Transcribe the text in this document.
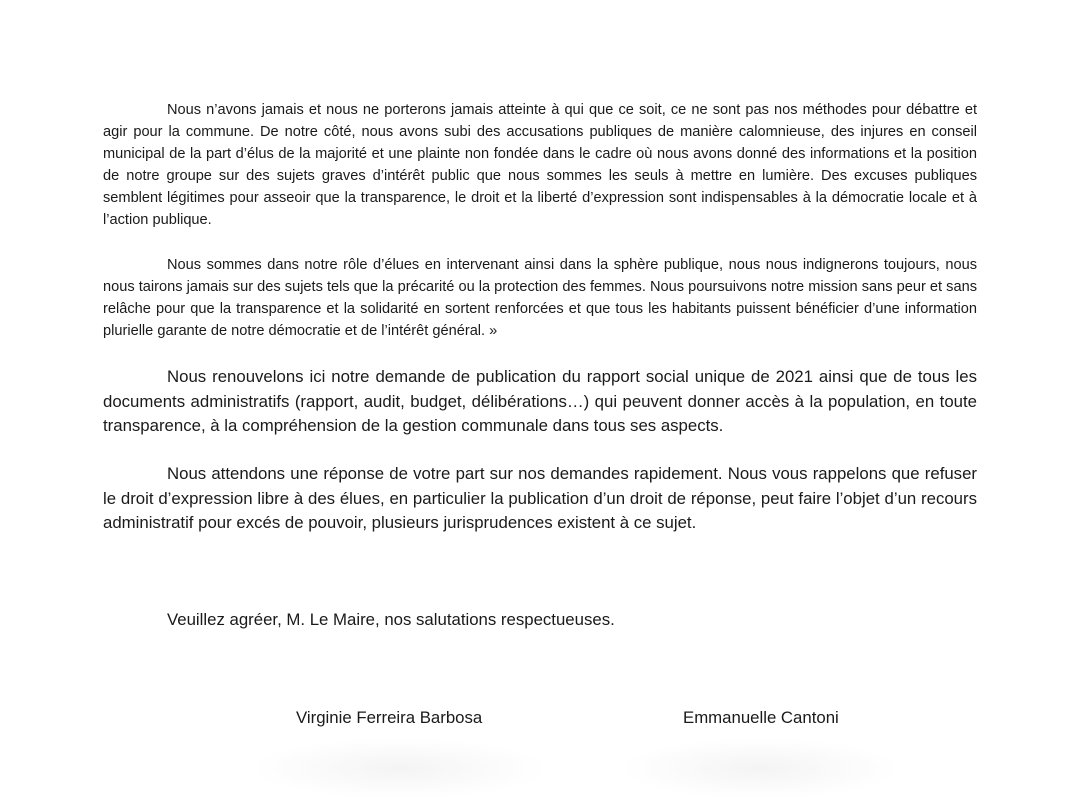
Nous n’avons jamais et nous ne porterons jamais atteinte à qui que ce soit, ce ne sont pas nos méthodes pour débattre et agir pour la commune. De notre côté, nous avons subi des accusations publiques de manière calomnieuse, des injures en conseil municipal de la part d’élus de la majorité et une plainte non fondée dans le cadre où nous avons donné des informations et la position de notre groupe sur des sujets graves d’intérêt public que nous sommes les seuls à mettre en lumière. Des excuses publiques semblent légitimes pour asseoir que la transparence, le droit et la liberté d’expression sont indispensables à la démocratie locale et à l’action publique.

Nous sommes dans notre rôle d’élues en intervenant ainsi dans la sphère publique, nous nous indignerons toujours, nous nous tairons jamais sur des sujets tels que la précarité ou la protection des femmes. Nous poursuivons notre mission sans peur et sans relâche pour que la transparence et la solidarité en sortent renforcées et que tous les habitants puissent bénéficier d’une information plurielle garante de notre démocratie et de l’intérêt général. »

Nous renouvelons ici notre demande de publication du rapport social unique de 2021 ainsi que de tous les documents administratifs (rapport, audit, budget, délibérations…) qui peuvent donner accès à la population, en toute transparence, à la compréhension de la gestion communale dans tous ses aspects.

Nous attendons une réponse de votre part sur nos demandes rapidement. Nous vous rappelons que refuser le droit d’expression libre à des élues, en particulier la publication d’un droit de réponse, peut faire l’objet d’un recours administratif pour excés de pouvoir, plusieurs jurisprudences existent à ce sujet.

Veuillez agréer, M. Le Maire, nos salutations respectueuses.

Virginie Ferreira Barbosa	Emmanuelle Cantoni
